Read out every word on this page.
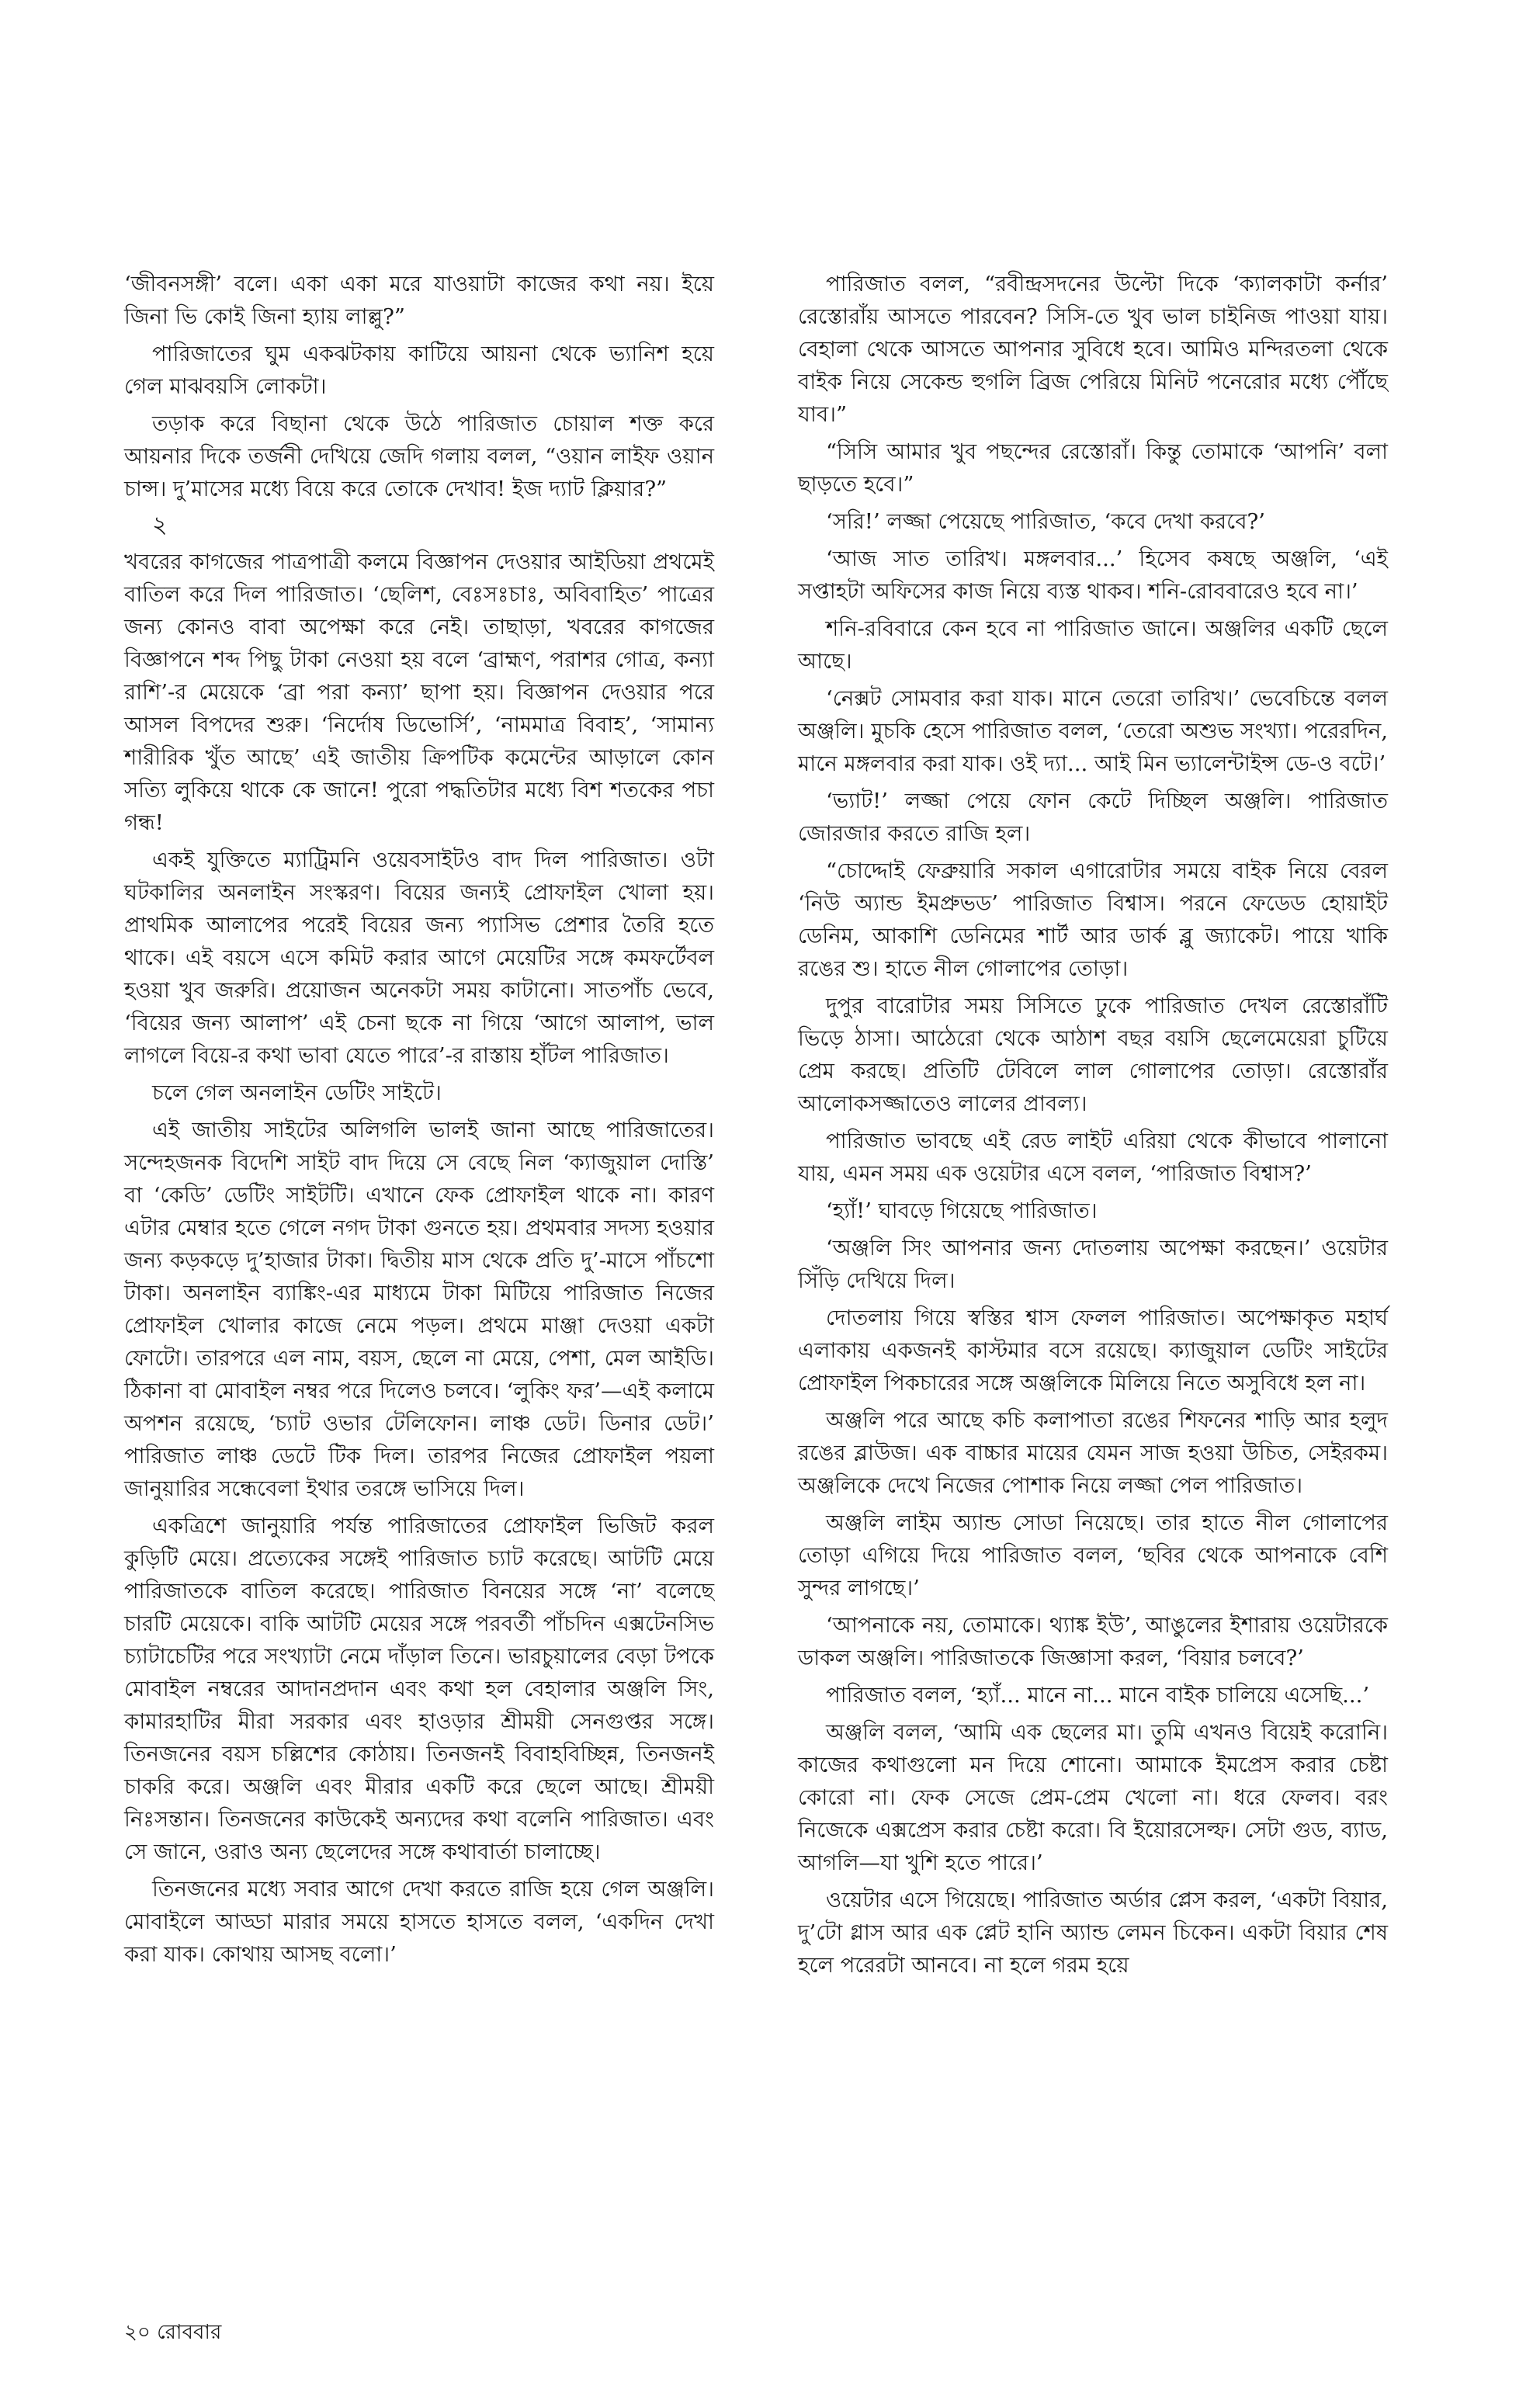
‘জীবনসঙ্গী’ বলে। একা একা মরে যাওয়াটা কাজের কথা নয়। ইয়ে জিনা ভি কোই জিনা হ্যায় লাল্লু?”

পারিজাতের ঘুম একঝটকায় কাটিয়ে আয়না থেকে ভ্যানিশ হয়ে গেল মাঝবয়সি লোকটা।

তড়াক করে বিছানা থেকে উঠে পারিজাত চোয়াল শক্ত করে আয়নার দিকে তর্জনী দেখিয়ে জেদি গলায় বলল, “ওয়ান লাইফ ওয়ান চান্স। দু’মাসের মধ্যে বিয়ে করে তোকে দেখাব! ইজ দ্যাট ক্লিয়ার?”

২

খবরের কাগজের পাত্রপাত্রী কলমে বিজ্ঞাপন দেওয়ার আইডিয়া প্রথমেই বাতিল করে দিল পারিজাত। ‘ছেলিশ, বেঃসঃচাঃ, অবিবাহিত’ পাত্রের জন্য কোনও বাবা অপেক্ষা করে নেই। তাছাড়া, খবরের কাগজের বিজ্ঞাপনে শব্দ পিছু টাকা নেওয়া হয় বলে ‘ব্রাহ্মণ, পরাশর গোত্র, কন্যা রাশি’-র মেয়েকে ‘ব্রা পরা কন্যা’ ছাপা হয়। বিজ্ঞাপন দেওয়ার পরে আসল বিপদের শুরু। ‘নির্দোষ ডিভোর্সি’, ‘নামমাত্র বিবাহ’, ‘সামান্য শারীরিক খুঁত আছে’ এই জাতীয় ক্রিপটিক কমেন্টের আড়ালে কোন সত্যি লুকিয়ে থাকে কে জানে! পুরো পদ্ধতিটার মধ্যে বিশ শতকের পচা গন্ধ!

একই যুক্তিতে ম্যাট্রিমনি ওয়েবসাইটও বাদ দিল পারিজাত। ওটা ঘটকালির অনলাইন সংস্করণ। বিয়ের জন্যই প্রোফাইল খোলা হয়। প্রাথমিক আলাপের পরেই বিয়ের জন্য প্যাসিভ প্রেশার তৈরি হতে থাকে। এই বয়সে এসে কমিট করার আগে মেয়েটির সঙ্গে কমফর্টেবল হওয়া খুব জরুরি। প্রয়োজন অনেকটা সময় কাটানো। সাতপাঁচ ভেবে, ‘বিয়ের জন্য আলাপ’ এই চেনা ছকে না গিয়ে ‘আগে আলাপ, ভাল লাগলে বিয়ে-র কথা ভাবা যেতে পারে’-র রাস্তায় হাঁটল পারিজাত।

চলে গেল অনলাইন ডেটিং সাইটে।

এই জাতীয় সাইটের অলিগলি ভালই জানা আছে পারিজাতের। সন্দেহজনক বিদেশি সাইট বাদ দিয়ে সে বেছে নিল ‘ক্যাজুয়াল দোস্তি’ বা ‘কেডি’ ডেটিং সাইটটি। এখানে ফেক প্রোফাইল থাকে না। কারণ এটার মেম্বার হতে গেলে নগদ টাকা গুনতে হয়। প্রথমবার সদস্য হওয়ার জন্য কড়কড়ে দু’হাজার টাকা। দ্বিতীয় মাস থেকে প্রতি দু’-মাসে পাঁচশো টাকা। অনলাইন ব্যাঙ্কিং-এর মাধ্যমে টাকা মিটিয়ে পারিজাত নিজের প্রোফাইল খোলার কাজে নেমে পড়ল। প্রথমে মাঞ্জা দেওয়া একটা ফোটো। তারপরে এল নাম, বয়স, ছেলে না মেয়ে, পেশা, মেল আইডি। ঠিকানা বা মোবাইল নম্বর পরে দিলেও চলবে। ‘লুকিং ফর’—এই কলামে অপশন রয়েছে, ‘চ্যাট ওভার টেলিফোন। লাঞ্চ ডেট। ডিনার ডেট।’ পারিজাত লাঞ্চ ডেটে টিক দিল। তারপর নিজের প্রোফাইল পয়লা জানুয়ারির সন্ধেবেলা ইথার তরঙ্গে ভাসিয়ে দিল।

একত্রিশে জানুয়ারি পর্যন্ত পারিজাতের প্রোফাইল ভিজিট করল কুড়িটি মেয়ে। প্রত্যেকের সঙ্গেই পারিজাত চ্যাট করেছে। আটটি মেয়ে পারিজাতকে বাতিল করেছে। পারিজাত বিনয়ের সঙ্গে ‘না’ বলেছে চারটি মেয়েকে। বাকি আটটি মেয়ের সঙ্গে পরবর্তী পাঁচদিন এক্সটেনসিভ চ্যাটাচেটির পরে সংখ্যাটা নেমে দাঁড়াল তিনে। ভারচুয়ালের বেড়া টপকে মোবাইল নম্বরের আদানপ্রদান এবং কথা হল বেহালার অঞ্জলি সিং, কামারহাটির মীরা সরকার এবং হাওড়ার শ্রীময়ী সেনগুপ্তর সঙ্গে। তিনজনের বয়স চল্লিশের কোঠায়। তিনজনই বিবাহবিচ্ছিন্ন, তিনজনই চাকরি করে। অঞ্জলি এবং মীরার একটি করে ছেলে আছে। শ্রীময়ী নিঃসন্তান। তিনজনের কাউকেই অন্যদের কথা বলেনি পারিজাত। এবং সে জানে, ওরাও অন্য ছেলেদের সঙ্গে কথাবার্তা চালাচ্ছে।

তিনজনের মধ্যে সবার আগে দেখা করতে রাজি হয়ে গেল অঞ্জলি। মোবাইলে আড্ডা মারার সময়ে হাসতে হাসতে বলল, ‘একদিন দেখা করা যাক। কোথায় আসছ বলো।’

পারিজাত বলল, “রবীন্দ্রসদনের উল্টো দিকে ‘ক্যালকাটা কর্নার’ রেস্তোরাঁয় আসতে পারবেন? সিসি-তে খুব ভাল চাইনিজ পাওয়া যায়। বেহালা থেকে আসতে আপনার সুবিধে হবে। আমিও মন্দিরতলা থেকে বাইক নিয়ে সেকেন্ড হুগলি ব্রিজ পেরিয়ে মিনিট পনেরোর মধ্যে পৌঁছে যাব।”

“সিসি আমার খুব পছন্দের রেস্তোরাঁ। কিন্তু তোমাকে ‘আপনি’ বলা ছাড়তে হবে।”

‘সরি!’ লজ্জা পেয়েছে পারিজাত, ‘কবে দেখা করবে?’

‘আজ সাত তারিখ। মঙ্গলবার...’ হিসেব কষছে অঞ্জলি, ‘এই সপ্তাহটা অফিসের কাজ নিয়ে ব্যস্ত থাকব। শনি-রোববারেও হবে না।’

শনি-রবিবারে কেন হবে না পারিজাত জানে। অঞ্জলির একটি ছেলে আছে।

‘নেক্সট সোমবার করা যাক। মানে তেরো তারিখ।’ ভেবেচিন্তে বলল অঞ্জলি। মুচকি হেসে পারিজাত বলল, ‘তেরো অশুভ সংখ্যা। পরেরদিন, মানে মঙ্গলবার করা যাক। ওই দ্যা... আই মিন ভ্যালেন্টাইন্স ডে-ও বটে।’

‘ভ্যাট!’ লজ্জা পেয়ে ফোন কেটে দিচ্ছিল অঞ্জলি। পারিজাত জোরজার করতে রাজি হল।

“চোদ্দোই ফেব্রুয়ারি সকাল এগারোটার সময়ে বাইক নিয়ে বেরল ‘নিউ অ্যান্ড ইমপ্রুভড’ পারিজাত বিশ্বাস। পরনে ফেডেড হোয়াইট ডেনিম, আকাশি ডেনিমের শার্ট আর ডার্ক ব্লু জ্যাকেট। পায়ে খাকি রঙের শু। হাতে নীল গোলাপের তোড়া।

দুপুর বারোটার সময় সিসিতে ঢুকে পারিজাত দেখল রেস্তোরাঁটি ভিড়ে ঠাসা। আঠেরো থেকে আঠাশ বছর বয়সি ছেলেমেয়েরা চুটিয়ে প্রেম করছে। প্রতিটি টেবিলে লাল গোলাপের তোড়া। রেস্তোরাঁর আলোকসজ্জাতেও লালের প্রাবল্য।

পারিজাত ভাবছে এই রেড লাইট এরিয়া থেকে কীভাবে পালানো যায়, এমন সময় এক ওয়েটার এসে বলল, ‘পারিজাত বিশ্বাস?’

‘হ্যাঁ!’ ঘাবড়ে গিয়েছে পারিজাত।

‘অঞ্জলি সিং আপনার জন্য দোতলায় অপেক্ষা করছেন।’ ওয়েটার সিঁড়ি দেখিয়ে দিল।

দোতলায় গিয়ে স্বস্তির শ্বাস ফেলল পারিজাত। অপেক্ষাকৃত মহার্ঘ এলাকায় একজনই কাস্টমার বসে রয়েছে। ক্যাজুয়াল ডেটিং সাইটের প্রোফাইল পিকচারের সঙ্গে অঞ্জলিকে মিলিয়ে নিতে অসুবিধে হল না।

অঞ্জলি পরে আছে কচি কলাপাতা রঙের শিফনের শাড়ি আর হলুদ রঙের ব্লাউজ। এক বাচ্চার মায়ের যেমন সাজ হওয়া উচিত, সেইরকম। অঞ্জলিকে দেখে নিজের পোশাক নিয়ে লজ্জা পেল পারিজাত।

অঞ্জলি লাইম অ্যান্ড সোডা নিয়েছে। তার হাতে নীল গোলাপের তোড়া এগিয়ে দিয়ে পারিজাত বলল, ‘ছবির থেকে আপনাকে বেশি সুন্দর লাগছে।’

‘আপনাকে নয়, তোমাকে। থ্যাঙ্ক ইউ’, আঙুলের ইশারায় ওয়েটারকে ডাকল অঞ্জলি। পারিজাতকে জিজ্ঞাসা করল, ‘বিয়ার চলবে?’

পারিজাত বলল, ‘হ্যাঁ... মানে না... মানে বাইক চালিয়ে এসেছি...’

অঞ্জলি বলল, ‘আমি এক ছেলের মা। তুমি এখনও বিয়েই করোনি। কাজের কথাগুলো মন দিয়ে শোনো। আমাকে ইমপ্রেস করার চেষ্টা কোরো না। ফেক সেজে প্রেম-প্রেম খেলো না। ধরে ফেলব। বরং নিজেকে এক্সপ্রেস করার চেষ্টা করো। বি ইয়োরসেল্ফ। সেটা গুড, ব্যাড, আগলি—যা খুশি হতে পারে।’

ওয়েটার এসে গিয়েছে। পারিজাত অর্ডার প্লেস করল, ‘একটা বিয়ার, দু’টো গ্লাস আর এক প্লেট হানি অ্যান্ড লেমন চিকেন। একটা বিয়ার শেষ হলে পরেরটা আনবে। না হলে গরম হয়ে

২০ রোববার
